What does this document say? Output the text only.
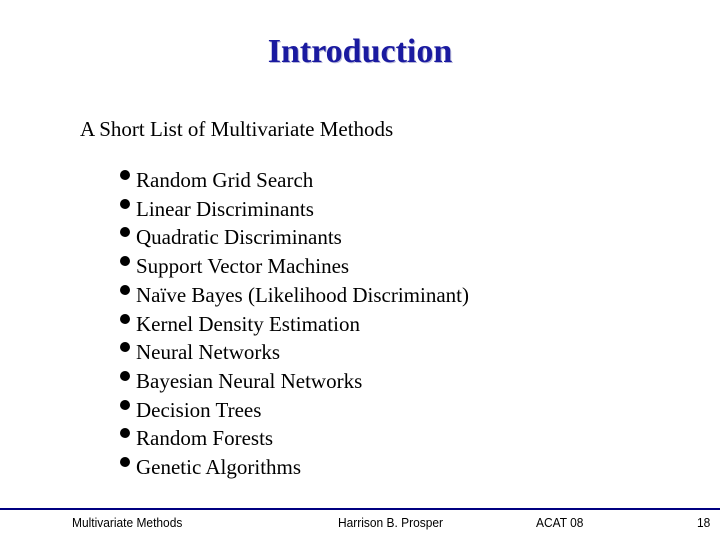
Introduction
A Short List of Multivariate Methods
Random Grid Search
Linear Discriminants
Quadratic Discriminants
Support Vector Machines
Naïve Bayes (Likelihood Discriminant)
Kernel Density Estimation
Neural Networks
Bayesian Neural Networks
Decision Trees
Random Forests
Genetic Algorithms
Multivariate Methods	Harrison B. Prosper	ACAT 08	18
